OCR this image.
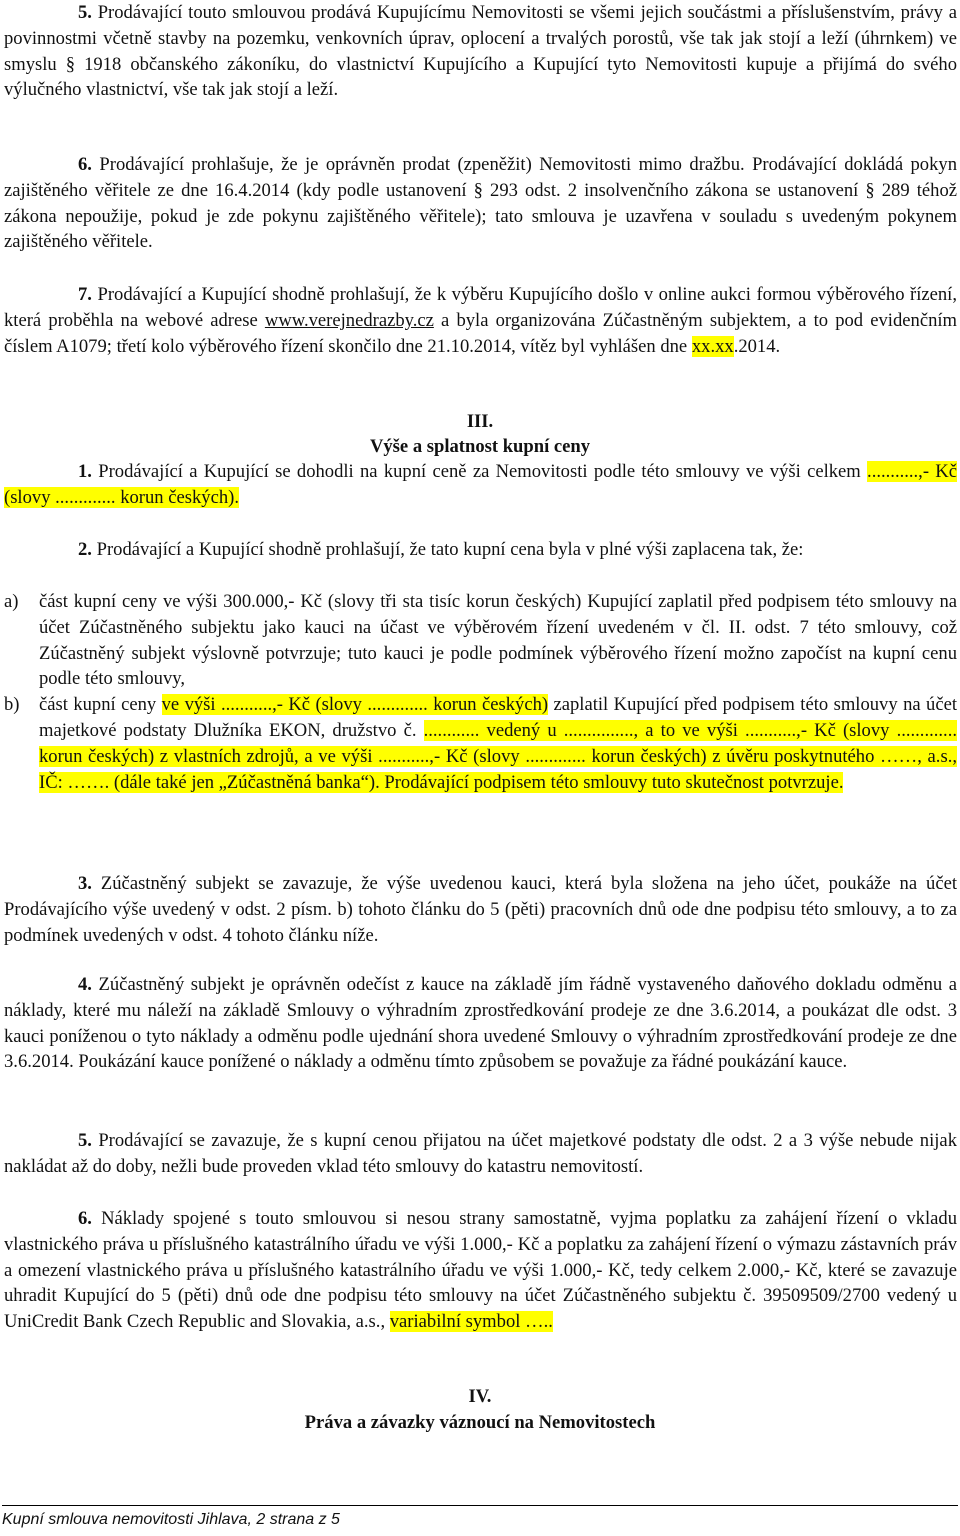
5. Prodávající touto smlouvou prodává Kupujícímu Nemovitosti se všemi jejich součástmi a příslušenstvím, právy a povinnostmi včetně stavby na pozemku, venkovních úprav, oplocení a trvalých porostů, vše tak jak stojí a leží (úhrnkem) ve smyslu § 1918 občanského zákoníku, do vlastnictví Kupujícího a Kupující tyto Nemovitosti kupuje a přijímá do svého výlučného vlastnictví, vše tak jak stojí a leží.
6. Prodávající prohlašuje, že je oprávněn prodat (zpeněžit) Nemovitosti mimo dražbu. Prodávající dokládá pokyn zajištěného věřitele ze dne 16.4.2014 (kdy podle ustanovení § 293 odst. 2 insolvenčního zákona se ustanovení § 289 téhož zákona nepoužije, pokud je zde pokynu zajištěného věřitele); tato smlouva je uzavřena v souladu s uvedeným pokynem zajištěného věřitele.
7. Prodávající a Kupující shodně prohlašují, že k výběru Kupujícího došlo v online aukci formou výběrového řízení, která proběhla na webové adrese www.verejnedrazby.cz a byla organizována Zúčastněným subjektem, a to pod evidenčním číslem A1079; třetí kolo výběrového řízení skončilo dne 21.10.2014, vítěz byl vyhlášen dne xx.xx.2014.
III.
Výše a splatnost kupní ceny
1. Prodávající a Kupující se dohodli na kupní ceně za Nemovitosti podle této smlouvy ve výši celkem ...........,- Kč (slovy ............. korun českých).
2. Prodávající a Kupující shodně prohlašují, že tato kupní cena byla v plné výši zaplacena tak, že:
a)	část kupní ceny ve výši 300.000,- Kč (slovy tři sta tisíc korun českých) Kupující zaplatil před podpisem této smlouvy na účet Zúčastněného subjektu jako kauci na účast ve výběrovém řízení uvedeném v čl. II. odst. 7 této smlouvy, což Zúčastněný subjekt výslovně potvrzuje; tuto kauci je podle podmínek výběrového řízení možno započíst na kupní cenu podle této smlouvy,
b)	část kupní ceny ve výši ...........,- Kč (slovy ............. korun českých) zaplatil Kupující před podpisem této smlouvy na účet majetkové podstaty Dlužníka EKON, družstvo č. ............ vedený u ..............., a to ve výši ...........,- Kč (slovy ............. korun českých) z vlastních zdrojů, a ve výši ...........,- Kč (slovy ............. korun českých) z úvěru poskytnutého ……, a.s., IČ: ……. (dále také jen „Zúčastněná banka“). Prodávající podpisem této smlouvy tuto skutečnost potvrzuje.
3. Zúčastněný subjekt se zavazuje, že výše uvedenou kauci, která byla složena na jeho účet, poukáže na účet Prodávajícího výše uvedený v odst. 2 písm. b) tohoto článku do 5 (pěti) pracovních dnů ode dne podpisu této smlouvy, a to za podmínek uvedených v odst. 4 tohoto článku níže.
4. Zúčastněný subjekt je oprávněn odečíst z kauce na základě jím řádně vystaveného daňového dokladu odměnu a náklady, které mu náleží na základě Smlouvy o výhradním zprostředkování prodeje ze dne 3.6.2014, a poukázat dle odst. 3 kauci poníženou o tyto náklady a odměnu podle ujednání shora uvedené Smlouvy o výhradním zprostředkování prodeje ze dne 3.6.2014. Poukázání kauce ponížené o náklady a odměnu tímto způsobem se považuje za řádné poukázání kauce.
5. Prodávající se zavazuje, že s kupní cenou přijatou na účet majetkové podstaty dle odst. 2 a 3 výše nebude nijak nakládat až do doby, nežli bude proveden vklad této smlouvy do katastru nemovitostí.
6. Náklady spojené s touto smlouvou si nesou strany samostatně, vyjma poplatku za zahájení řízení o vkladu vlastnického práva u příslušného katastrálního úřadu ve výši 1.000,- Kč a poplatku za zahájení řízení o výmazu zástavních práv a omezení vlastnického práva u příslušného katastrálního úřadu ve výši 1.000,- Kč, tedy celkem 2.000,- Kč, které se zavazuje uhradit Kupující do 5 (pěti) dnů ode dne podpisu této smlouvy na účet Zúčastněného subjektu č. 39509509/2700 vedený u UniCredit Bank Czech Republic and Slovakia, a.s., variabilní symbol …..
IV.
Práva a závazky váznoucí na Nemovitostech
Kupní smlouva nemovitosti Jihlava, 2 strana z 5
